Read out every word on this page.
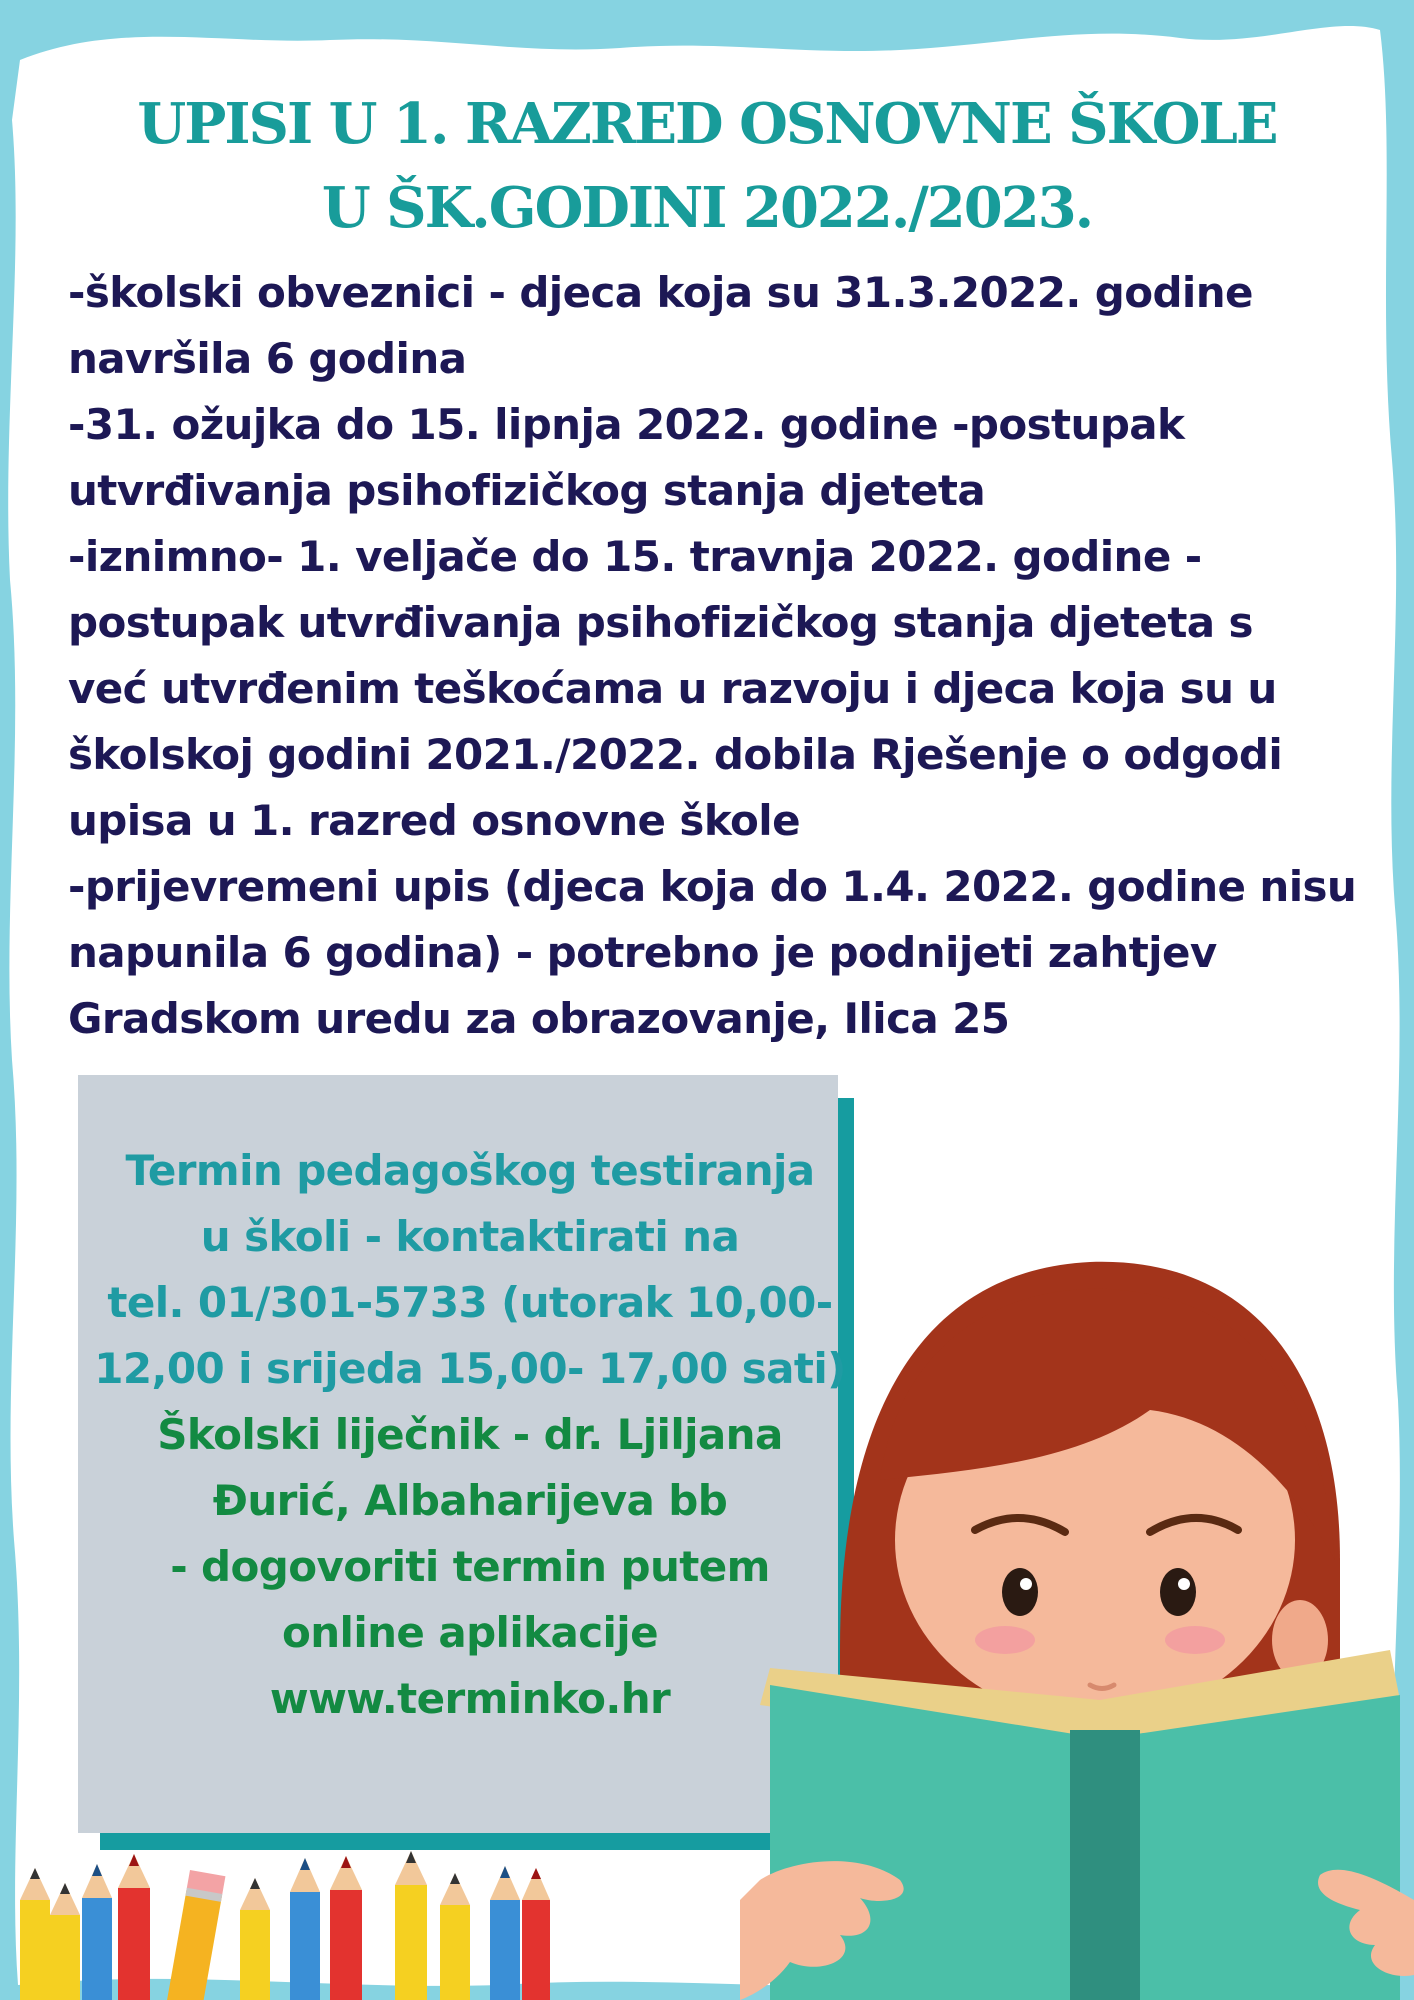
UPISI U 1. RAZRED OSNOVNE ŠKOLE
U ŠK.GODINI 2022./2023.

-školski obveznici - djeca koja su 31.3.2022. godine

navršila 6 godina

-31. ožujka do 15. lipnja 2022. godine -postupak

utvrđivanja psihofizičkog stanja djeteta

-iznimno- 1. veljače do 15. travnja 2022. godine -

postupak utvrđivanja psihofizičkog stanja djeteta s

već utvrđenim teškoćama u razvoju i djeca koja su u

školskoj godini 2021./2022. dobila Rješenje o odgodi

upisa u 1. razred osnovne škole

-prijevremeni upis (djeca koja do 1.4. 2022. godine nisu

napunila 6 godina) - potrebno je podnijeti zahtjev

Gradskom uredu za obrazovanje, Ilica 25

Termin pedagoškog testiranja

u školi - kontaktirati na

tel. 01/301-5733 (utorak 10,00-

12,00 i srijeda 15,00- 17,00 sati)

Školski liječnik - dr. Ljiljana

Đurić, Albaharijeva bb

- dogovoriti termin putem

online aplikacije

www.terminko.hr
